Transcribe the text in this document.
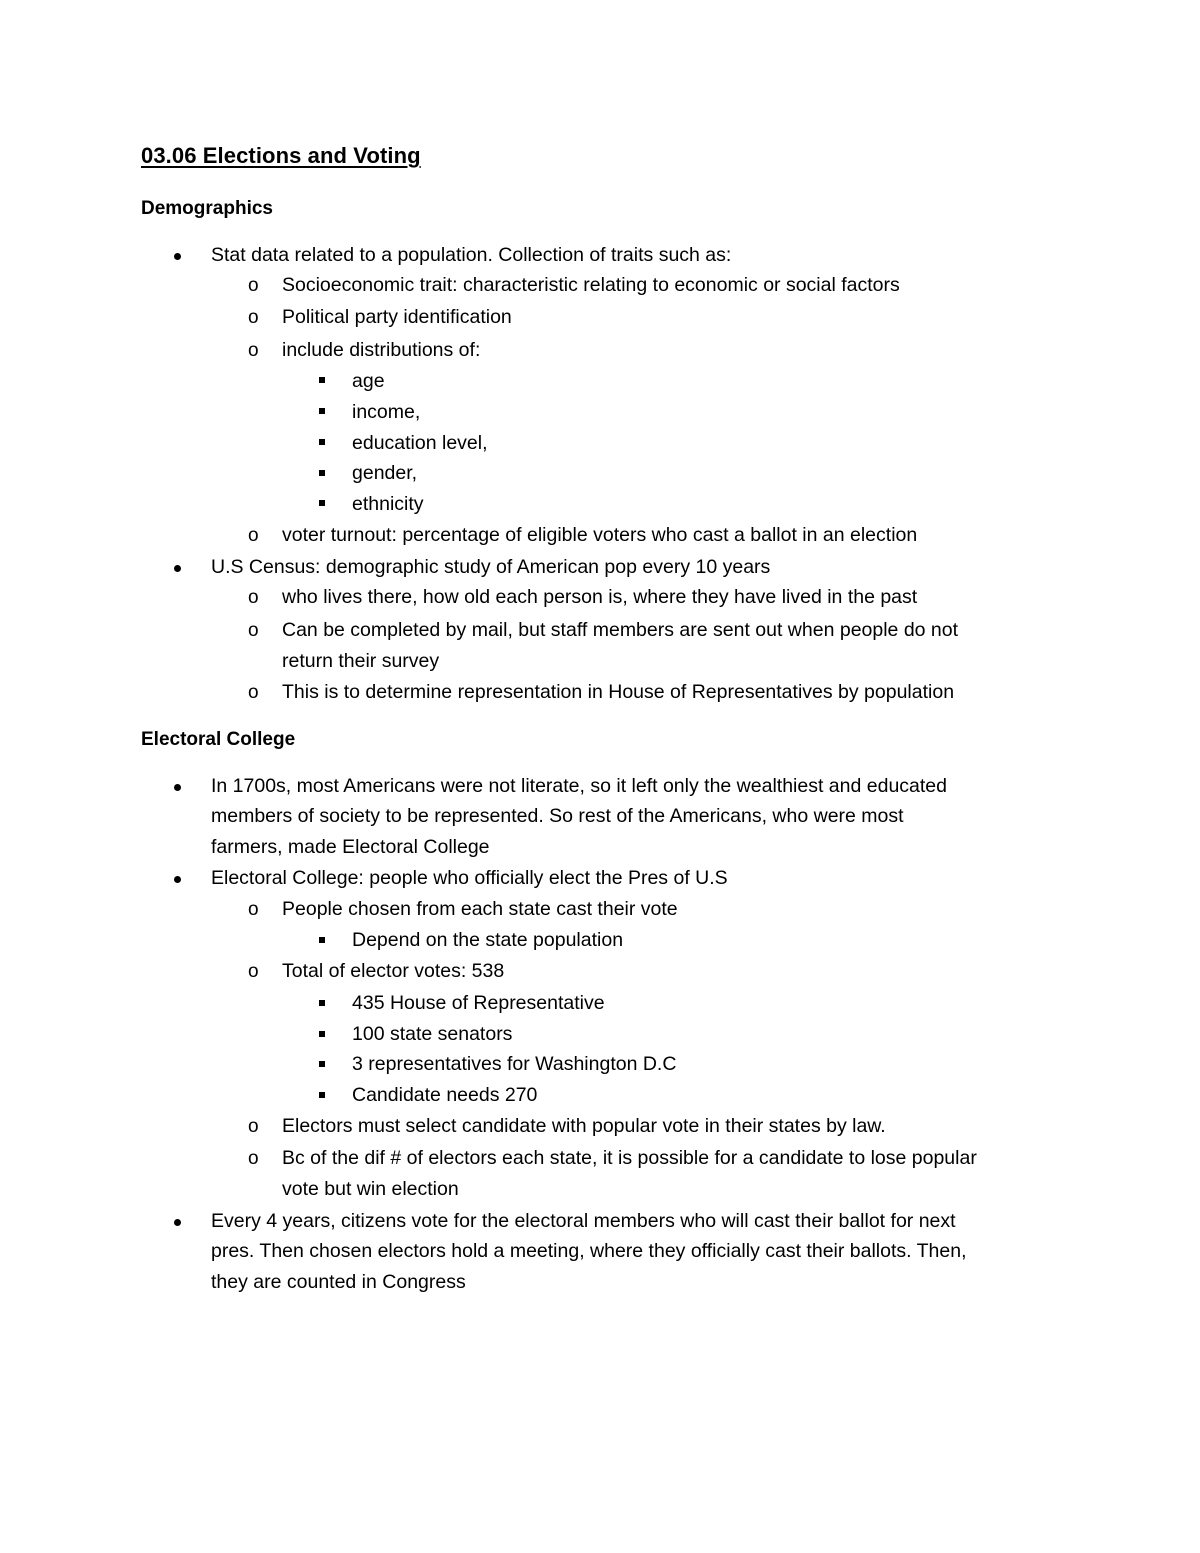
03.06 Elections and Voting
Demographics
Stat data related to a population. Collection of traits such as:
o Socioeconomic trait: characteristic relating to economic or social factors
o Political party identification
o include distributions of:
age
income,
education level,
gender,
ethnicity
o voter turnout: percentage of eligible voters who cast a ballot in an election
U.S Census: demographic study of American pop every 10 years
o who lives there, how old each person is, where they have lived in the past
o Can be completed by mail, but staff members are sent out when people do not
return their survey
o This is to determine representation in House of Representatives by population
Electoral College
In 1700s, most Americans were not literate, so it left only the wealthiest and educated
members of society to be represented. So rest of the Americans, who were most
farmers, made Electoral College
Electoral College: people who officially elect the Pres of U.S
o People chosen from each state cast their vote
Depend on the state population
o Total of elector votes: 538
435 House of Representative
100 state senators
3 representatives for Washington D.C
Candidate needs 270
o Electors must select candidate with popular vote in their states by law.
o Bc of the dif # of electors each state, it is possible for a candidate to lose popular
vote but win election
Every 4 years, citizens vote for the electoral members who will cast their ballot for next
pres. Then chosen electors hold a meeting, where they officially cast their ballots. Then,
they are counted in Congress
